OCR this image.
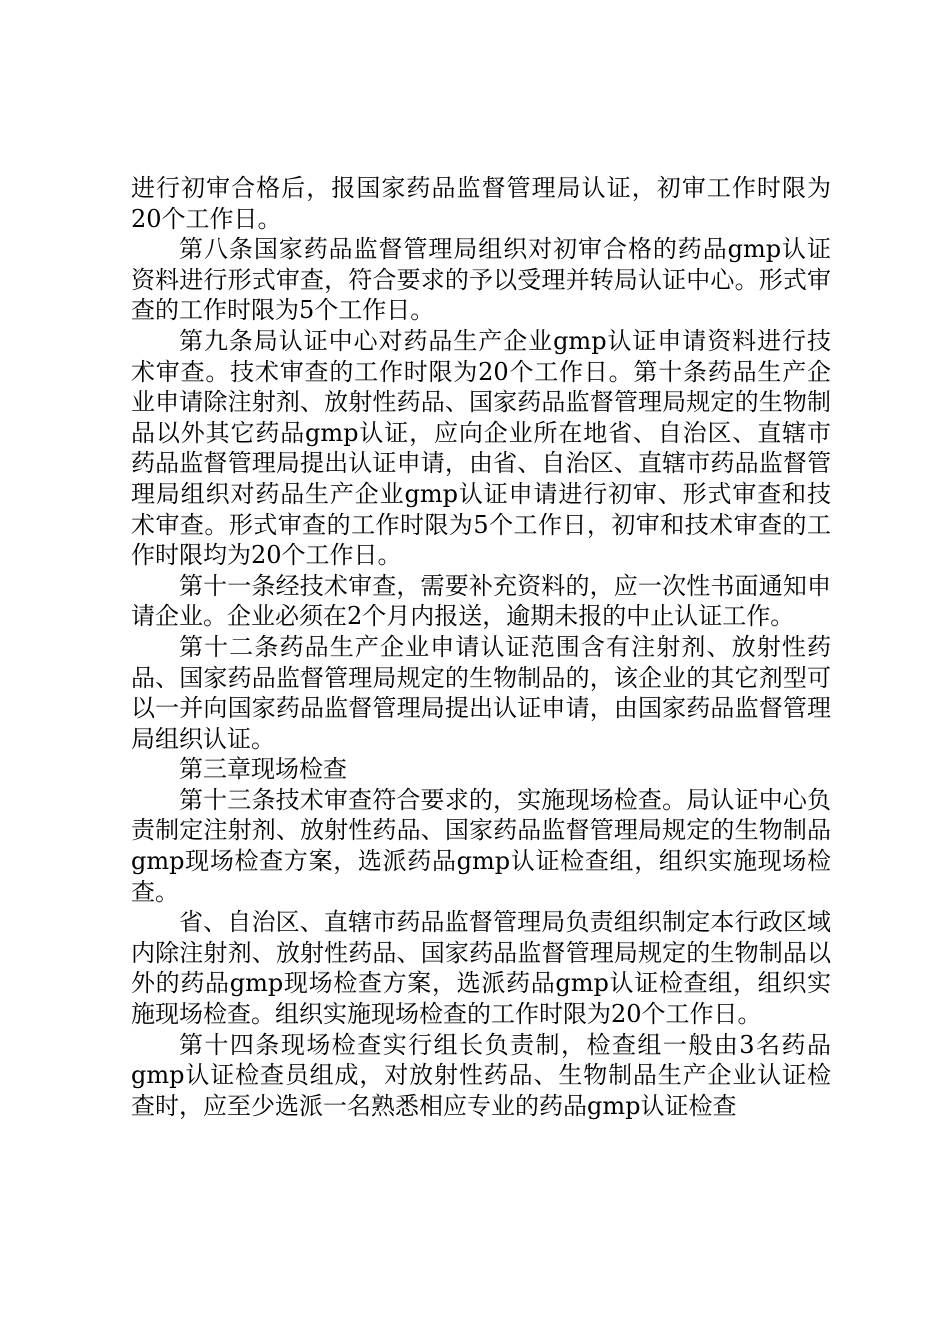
进行初审合格后，报国家药品监督管理局认证，初审工作时限为20个工作日。

第八条国家药品监督管理局组织对初审合格的药品gmp认证资料进行形式审查，符合要求的予以受理并转局认证中心。形式审查的工作时限为5个工作日。

第九条局认证中心对药品生产企业gmp认证申请资料进行技术审查。技术审查的工作时限为20个工作日。第十条药品生产企业申请除注射剂、放射性药品、国家药品监督管理局规定的生物制品以外其它药品gmp认证，应向企业所在地省、自治区、直辖市药品监督管理局提出认证申请，由省、自治区、直辖市药品监督管理局组织对药品生产企业gmp认证申请进行初审、形式审查和技术审查。形式审查的工作时限为5个工作日，初审和技术审查的工作时限均为20个工作日。

第十一条经技术审查，需要补充资料的，应一次性书面通知申请企业。企业必须在2个月内报送，逾期未报的中止认证工作。

第十二条药品生产企业申请认证范围含有注射剂、放射性药品、国家药品监督管理局规定的生物制品的，该企业的其它剂型可以一并向国家药品监督管理局提出认证申请，由国家药品监督管理局组织认证。

第三章现场检查

第十三条技术审查符合要求的，实施现场检查。局认证中心负责制定注射剂、放射性药品、国家药品监督管理局规定的生物制品gmp现场检查方案，选派药品gmp认证检查组，组织实施现场检查。

省、自治区、直辖市药品监督管理局负责组织制定本行政区域内除注射剂、放射性药品、国家药品监督管理局规定的生物制品以外的药品gmp现场检查方案，选派药品gmp认证检查组，组织实施现场检查。组织实施现场检查的工作时限为20个工作日。

第十四条现场检查实行组长负责制，检查组一般由3名药品gmp认证检查员组成，对放射性药品、生物制品生产企业认证检查时，应至少选派一名熟悉相应专业的药品gmp认证检查
